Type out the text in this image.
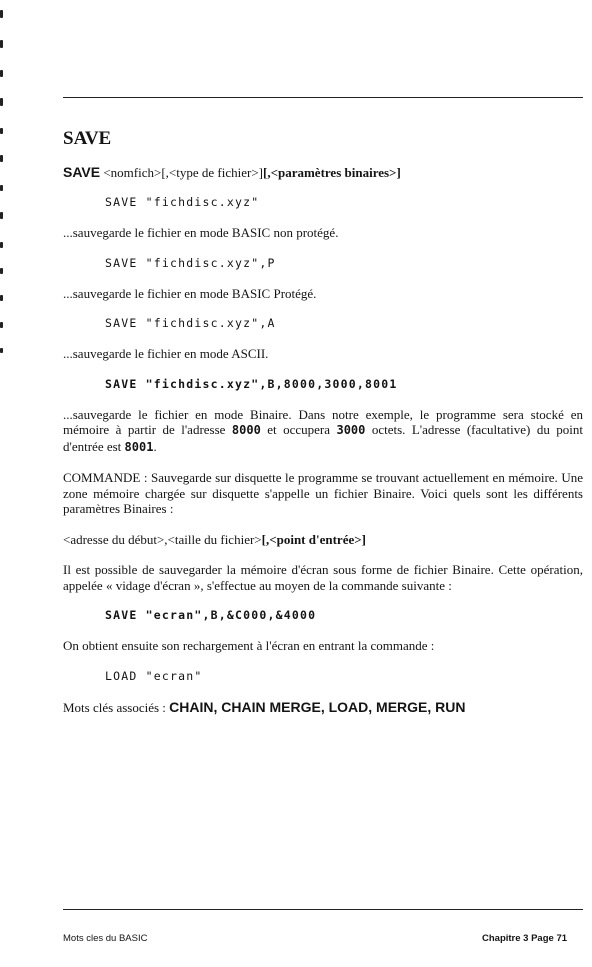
SAVE
SAVE <nomfich>[,<type de fichier>][,<paramètres binaires>]
SAVE "fichdisc.xyz"

...sauvegarde le fichier en mode BASIC non protégé.

SAVE "fichdisc.xyz",P

...sauvegarde le fichier en mode BASIC Protégé.

SAVE "fichdisc.xyz",A

...sauvegarde le fichier en mode ASCII.

SAVE "fichdisc.xyz",B,8000,3000,8001

...sauvegarde le fichier en mode Binaire. Dans notre exemple, le programme sera stocké en mémoire à partir de l'adresse 8000 et occupera 3000 octets. L'adresse (facultative) du point d'entrée est 8001.

COMMANDE : Sauvegarde sur disquette le programme se trouvant actuellement en mémoire. Une zone mémoire chargée sur disquette s'appelle un fichier Binaire. Voici quels sont les différents paramètres Binaires :

<adresse du début>,<taille du fichier>[,<point d'entrée>]

Il est possible de sauvegarder la mémoire d'écran sous forme de fichier Binaire. Cette opération, appelée « vidage d'écran », s'effectue au moyen de la commande suivante :

SAVE "ecran",B,&C000,&4000

On obtient ensuite son rechargement à l'écran en entrant la commande :

LOAD "ecran"

Mots clés associés : CHAIN, CHAIN MERGE, LOAD, MERGE, RUN

Mots cles du BASIC	Chapitre 3 Page 71
